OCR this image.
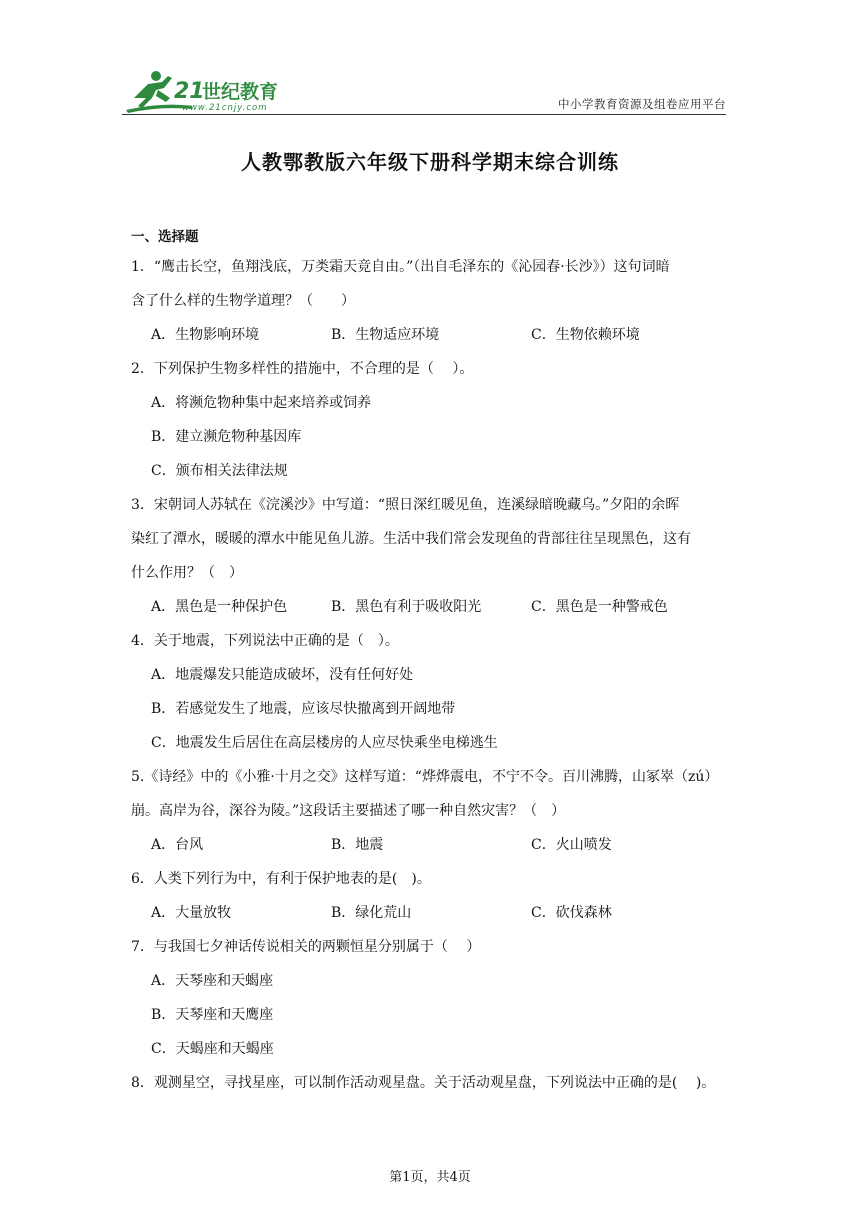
21
世纪教育
www.21cnjy.com	中小学教育资源及组卷应用平台
人教鄂教版六年级下册科学期末综合训练
一、选择题
1．“鹰击长空，鱼翔浅底，万类霜天竞自由。”（出自毛泽东的《沁园春·长沙》）这句词暗
含了什么样的生物学道理？（　　）
A．生物影响环境	B．生物适应环境	C．生物依赖环境
2．下列保护生物多样性的措施中，不合理的是（　 ）。
A．将濒危物种集中起来培养或饲养
B．建立濒危物种基因库
C．颁布相关法律法规
3．宋朝词人苏轼在《浣溪沙》中写道：“照日深红暖见鱼，连溪绿暗晚藏乌。”夕阳的余晖
染红了潭水，暖暖的潭水中能见鱼儿游。生活中我们常会发现鱼的背部往往呈现黑色，这有
什么作用？（　）
A．黑色是一种保护色	B．黑色有利于吸收阳光	C．黑色是一种警戒色
4．关于地震，下列说法中正确的是（　）。
A．地震爆发只能造成破坏，没有任何好处
B．若感觉发生了地震，应该尽快撤离到开阔地带
C．地震发生后居住在高层楼房的人应尽快乘坐电梯逃生
5.《诗经》中的《小雅·十月之交》这样写道：“烨烨震电，不宁不令。百川沸腾，山冢崒（zú）
崩。高岸为谷，深谷为陵。”这段话主要描述了哪一种自然灾害？（　）
A．台风	B．地震	C．火山喷发
6．人类下列行为中，有利于保护地表的是(　)。
A．大量放牧	B．绿化荒山	C．砍伐森林
7．与我国七夕神话传说相关的两颗恒星分别属于（　 ）
A．天琴座和天蝎座
B．天琴座和天鹰座
C．天蝎座和天蝎座
8．观测星空，寻找星座，可以制作活动观星盘。关于活动观星盘，下列说法中正确的是(　 )。
第1页，共4页
